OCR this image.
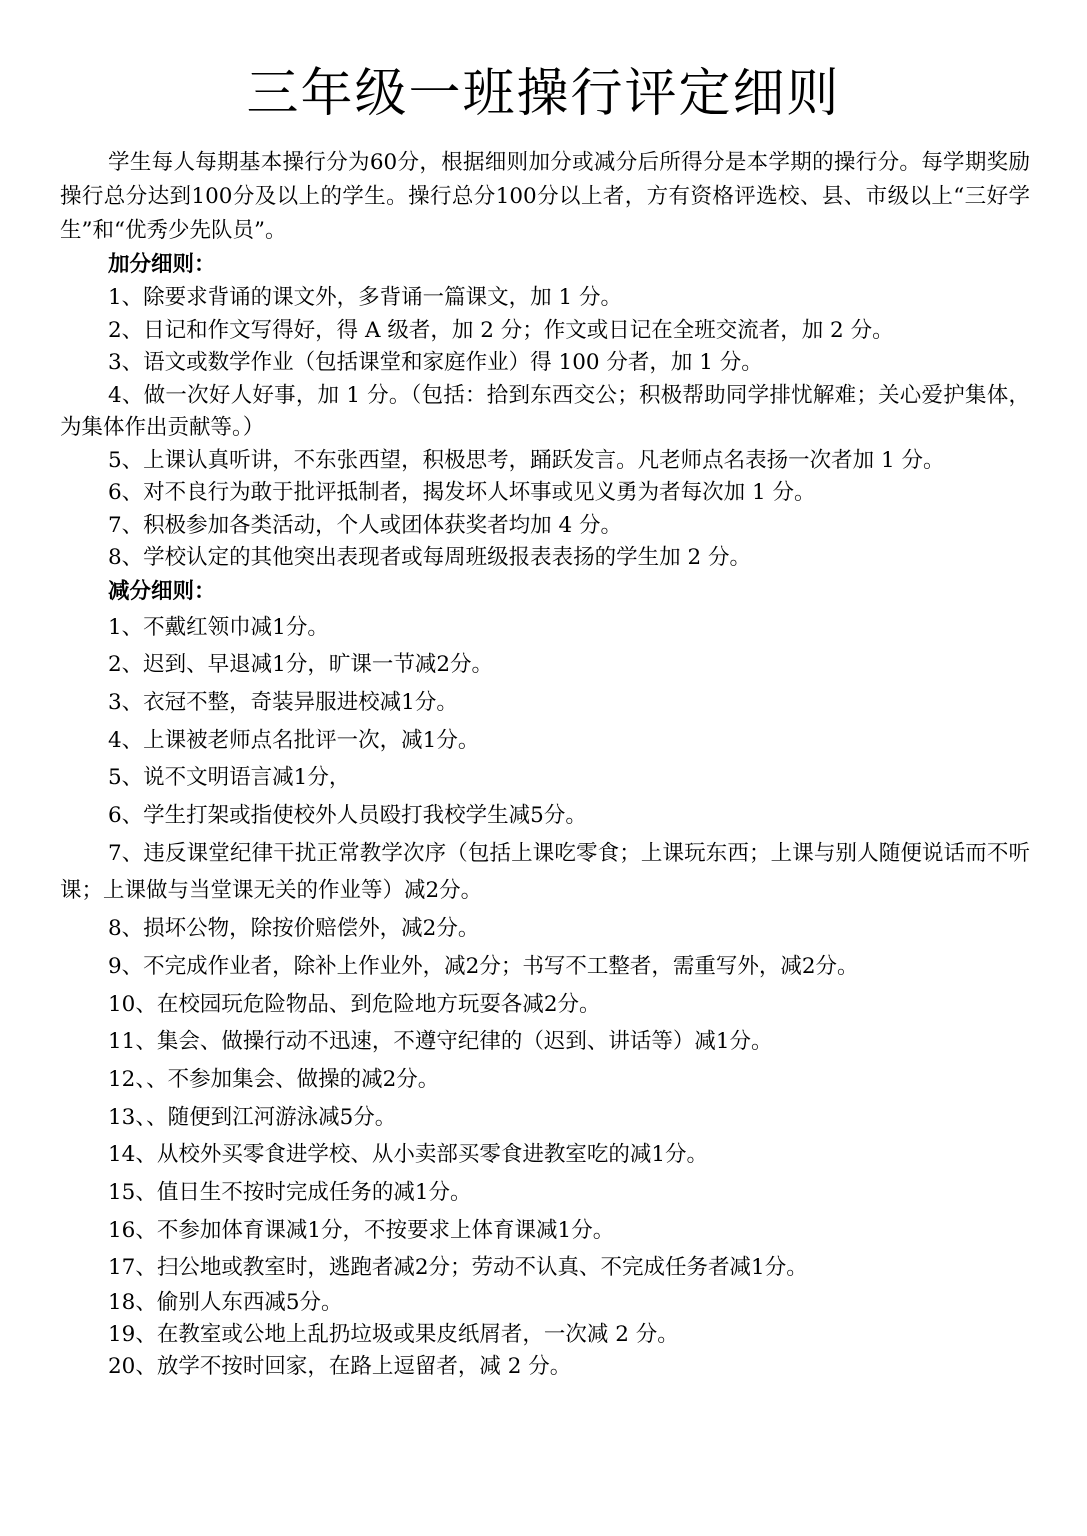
三年级一班操行评定细则

学生每人每期基本操行分为60分，根据细则加分或减分后所得分是本学期的操行分。每学期奖励操行总分达到100分及以上的学生。操行总分100分以上者，方有资格评选校、县、市级以上“三好学生”和“优秀少先队员”。

加分细则：

1、除要求背诵的课文外，多背诵一篇课文，加 1 分。
2、日记和作文写得好，得 A 级者，加 2 分；作文或日记在全班交流者，加 2 分。
3、语文或数学作业（包括课堂和家庭作业）得 100 分者，加 1 分。
4、做一次好人好事，加 1 分。（包括：拾到东西交公；积极帮助同学排忧解难；关心爱护集体，为集体作出贡献等。）
5、上课认真听讲，不东张西望，积极思考，踊跃发言。凡老师点名表扬一次者加 1 分。
6、对不良行为敢于批评抵制者，揭发坏人坏事或见义勇为者每次加 1 分。
7、积极参加各类活动，个人或团体获奖者均加 4 分。
8、学校认定的其他突出表现者或每周班级报表表扬的学生加 2 分。

减分细则：

1、不戴红领巾减1分。
2、迟到、早退减1分，旷课一节减2分。
3、衣冠不整，奇装异服进校减1分。
4、上课被老师点名批评一次，减1分。
5、说不文明语言减1分，
6、学生打架或指使校外人员殴打我校学生减5分。
7、违反课堂纪律干扰正常教学次序（包括上课吃零食；上课玩东西；上课与别人随便说话而不听课；上课做与当堂课无关的作业等）减2分。
8、损坏公物，除按价赔偿外，减2分。
9、不完成作业者，除补上作业外，减2分；书写不工整者，需重写外，减2分。
10、在校园玩危险物品、到危险地方玩耍各减2分。
11、集会、做操行动不迅速，不遵守纪律的（迟到、讲话等）减1分。
12、、不参加集会、做操的减2分。
13、、随便到江河游泳减5分。
14、从校外买零食进学校、从小卖部买零食进教室吃的减1分。
15、值日生不按时完成任务的减1分。
16、不参加体育课减1分，不按要求上体育课减1分。
17、扫公地或教室时，逃跑者减2分；劳动不认真、不完成任务者减1分。
18、偷别人东西减5分。
19、在教室或公地上乱扔垃圾或果皮纸屑者，一次减 2 分。
20、放学不按时回家，在路上逗留者，减 2 分。
